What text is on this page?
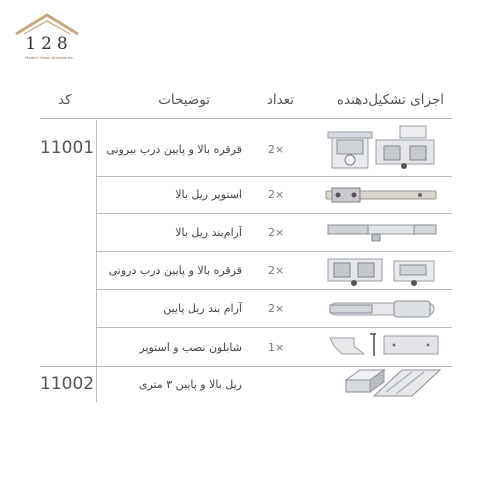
128
Modern Home Accessories
اجزای تشکیل‌دهنده
تعداد
توضیحات
کد
11001
11002
قرقره بالا و پایین درب بیرونی 2×
استوپر ریل بالا 2×
آرام‌بند ریل بالا 2×
قرقره بالا و پایین درب درونی 2×
آرام بند ریل پایین 2×
شابلون نصب و استوپر 1×
ریل بالا و پایین ۳ متری
